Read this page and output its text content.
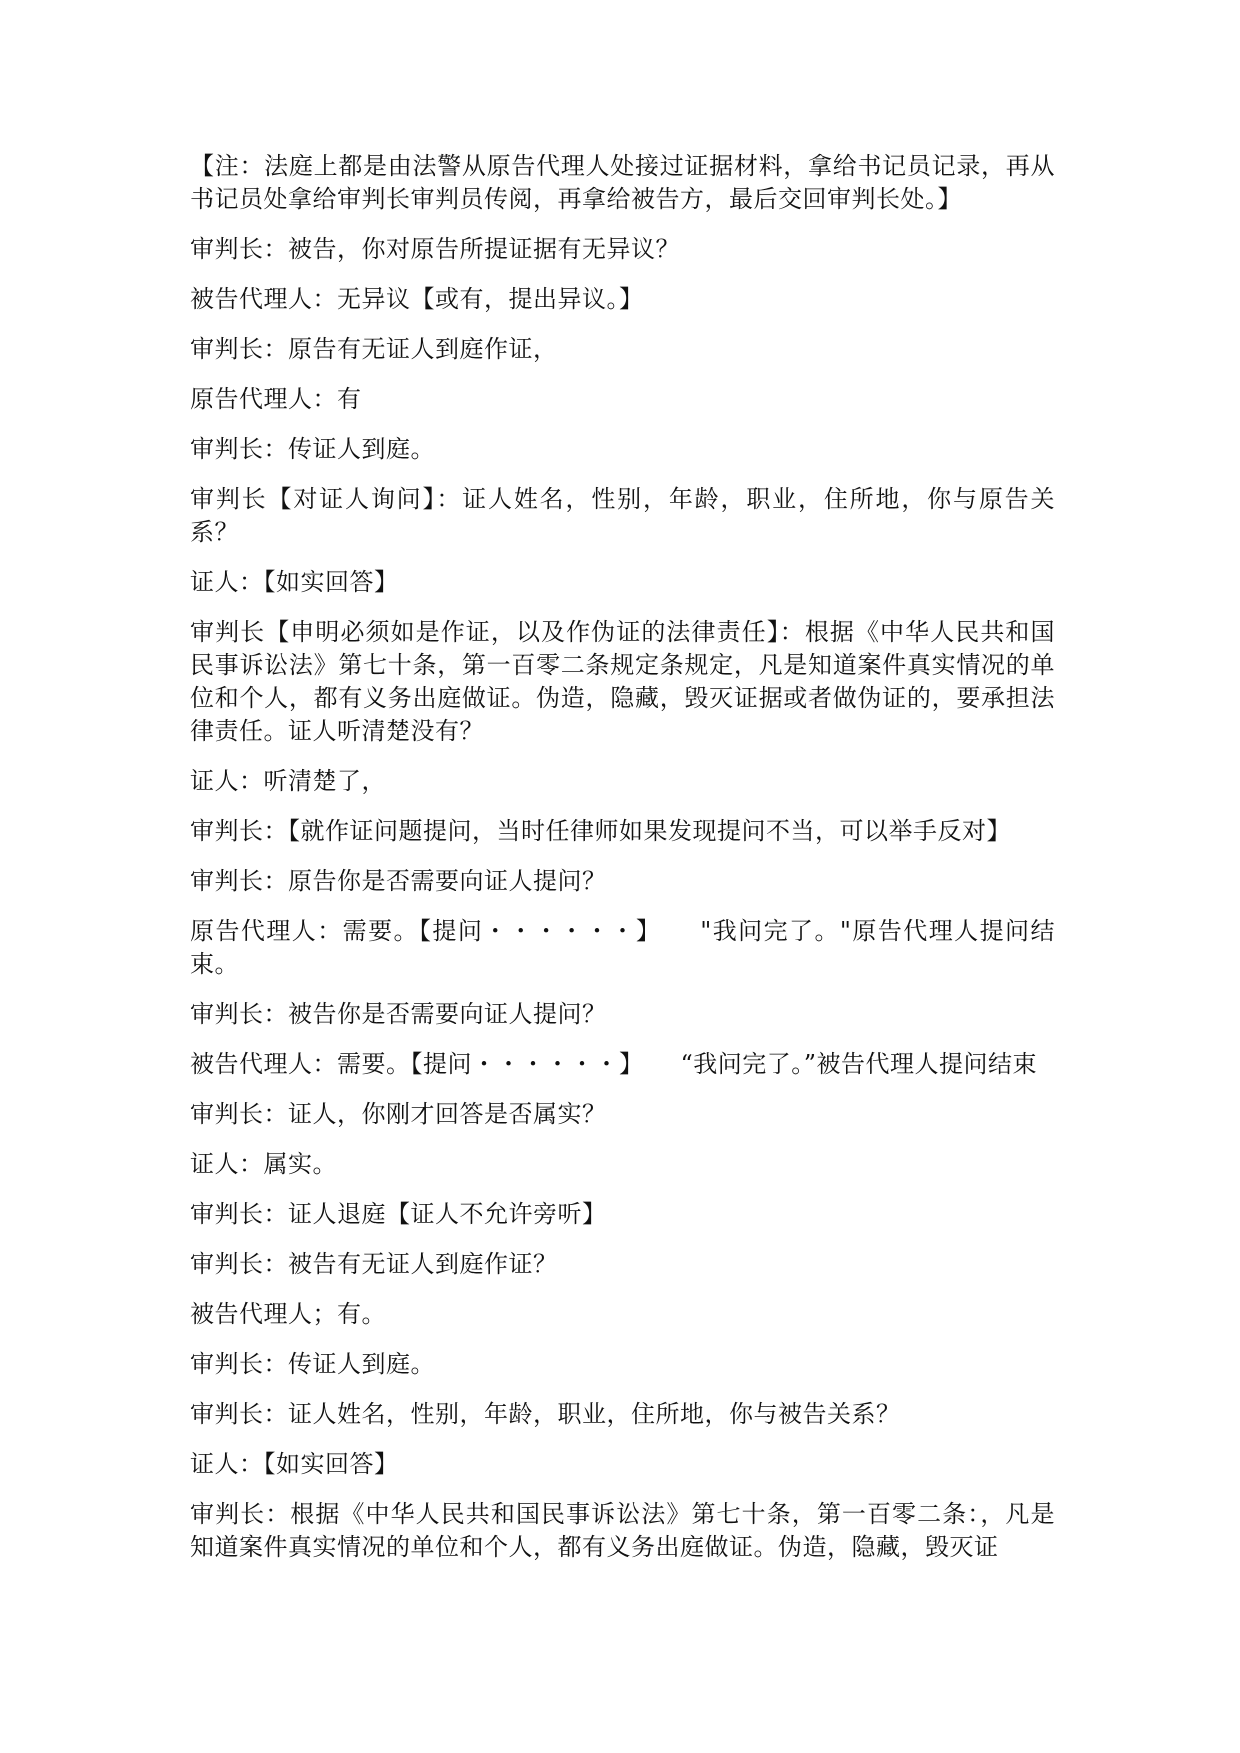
【注：法庭上都是由法警从原告代理人处接过证据材料，拿给书记员记录，再从书记员处拿给审判长审判员传阅，再拿给被告方，最后交回审判长处。】

审判长：被告，你对原告所提证据有无异议？

被告代理人：无异议【或有，提出异议。】

审判长：原告有无证人到庭作证，

原告代理人：有

审判长：传证人到庭。

审判长【对证人询问】：证人姓名，性别，年龄，职业，住所地，你与原告关系？

证人：【如实回答】

审判长【申明必须如是作证，以及作伪证的法律责任】：根据《中华人民共和国民事诉讼法》第七十条，第一百零二条规定条规定，凡是知道案件真实情况的单位和个人，都有义务出庭做证。伪造，隐藏，毁灭证据或者做伪证的，要承担法律责任。证人听清楚没有？

证人：听清楚了，

审判长：【就作证问题提问，当时任律师如果发现提问不当，可以举手反对】

审判长：原告你是否需要向证人提问？

原告代理人：需要。【提问・・・・・・】　　"我问完了。"原告代理人提问结束。

审判长：被告你是否需要向证人提问？

被告代理人：需要。【提问・・・・・・】　　“我问完了。”被告代理人提问结束

审判长：证人，你刚才回答是否属实？

证人：属实。

审判长：证人退庭【证人不允许旁听】

审判长：被告有无证人到庭作证？

被告代理人；有。

审判长：传证人到庭。

审判长：证人姓名，性别，年龄，职业，住所地，你与被告关系？

证人：【如实回答】

审判长：根据《中华人民共和国民事诉讼法》第七十条，第一百零二条：，凡是知道案件真实情况的单位和个人，都有义务出庭做证。伪造，隐藏，毁灭证
